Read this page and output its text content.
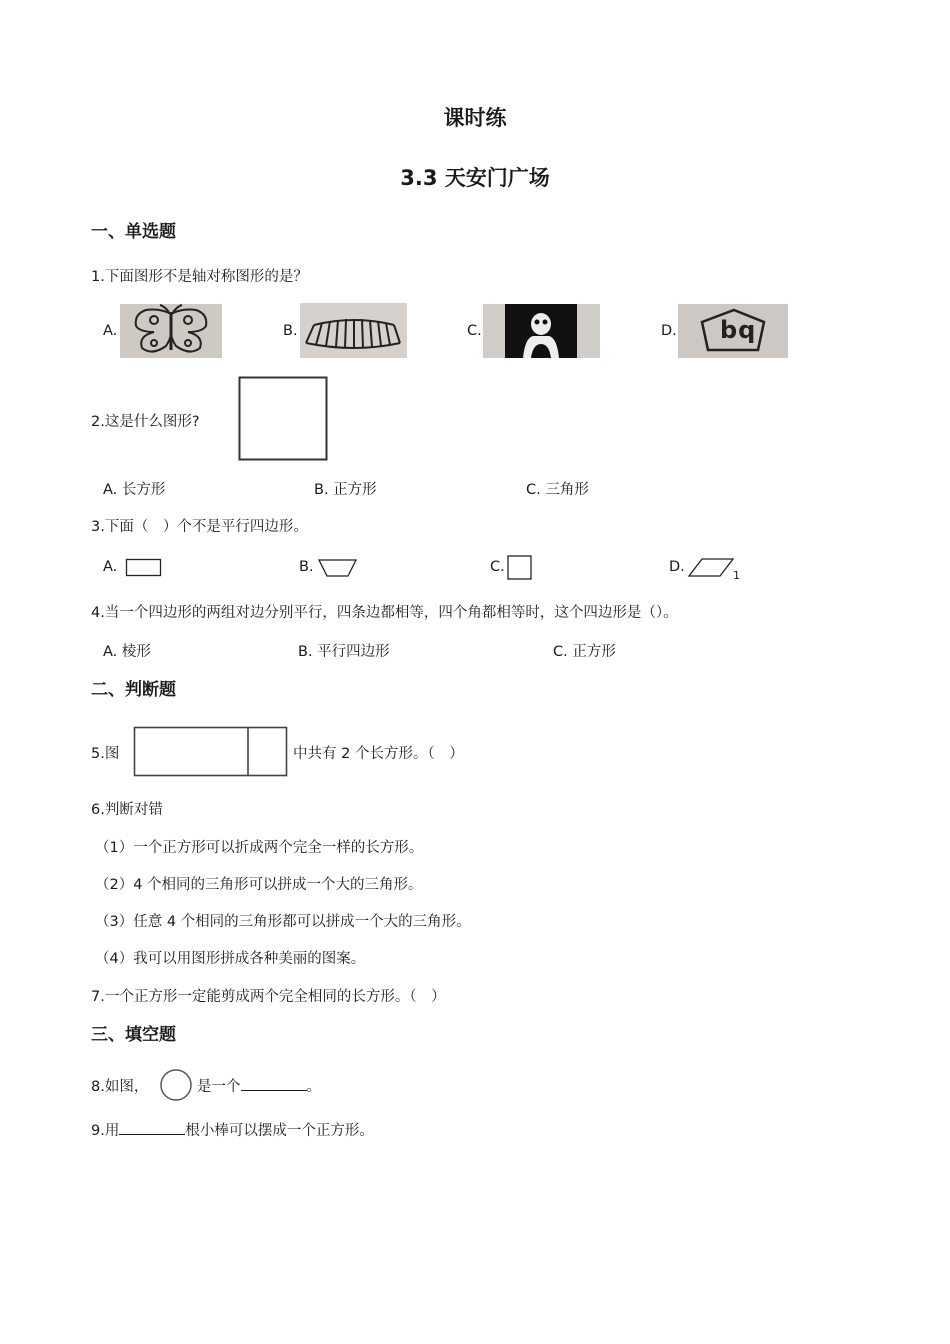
课时练
3.3 天安门广场
一、单选题
1.下面图形不是轴对称图形的是？
A.	B.	C.	D. bq
2.这是什么图形?
A. 长方形	B. 正方形	C. 三角形
3.下面（　）个不是平行四边形。
A.	B.	C.	D.
1
4.当一个四边形的两组对边分别平行，四条边都相等，四个角都相等时，这个四边形是（）。
A. 棱形	B. 平行四边形	C. 正方形
二、判断题
5.图	中共有 2 个长方形。（　）
6.判断对错
（1）一个正方形可以折成两个完全一样的长方形。
（2）4 个相同的三角形可以拼成一个大的三角形。
（3）任意 4 个相同的三角形都可以拼成一个大的三角形。
（4）我可以用图形拼成各种美丽的图案。
7.一个正方形一定能剪成两个完全相同的长方形。（　）
三、填空题
8.如图，	是一个	。
9.用	根小棒可以摆成一个正方形。
